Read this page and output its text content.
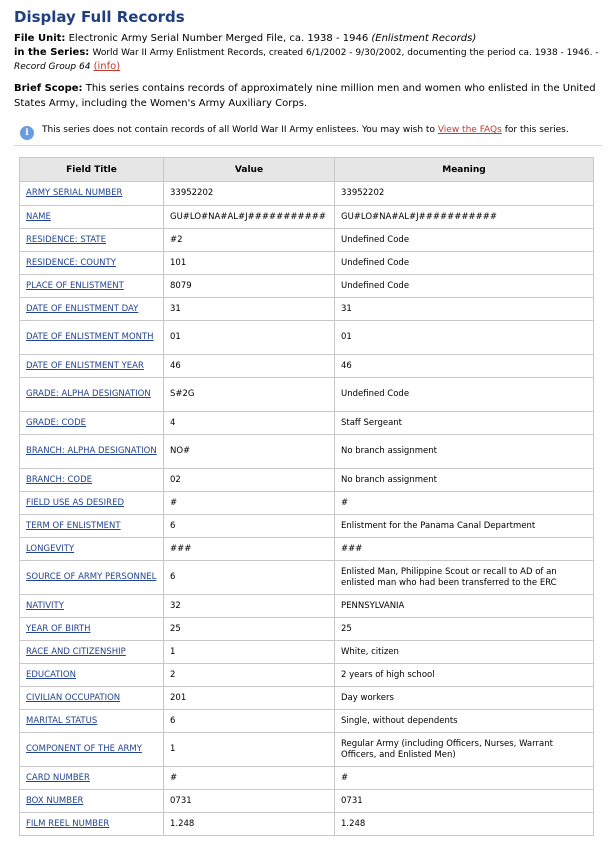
Display Full Records
File Unit: Electronic Army Serial Number Merged File, ca. 1938 - 1946 (Enlistment Records)
in the Series: World War II Army Enlistment Records, created 6/1/2002 - 9/30/2002, documenting the period ca. 1938 - 1946. -
Record Group 64 (info)
Brief Scope: This series contains records of approximately nine million men and women who enlisted in the United States Army, including the Women's Army Auxiliary Corps.
i	This series does not contain records of all World War II Army enlistees. You may wish to View the FAQs for this series.
Field Title	Value	Meaning
ARMY SERIAL NUMBER	33952202	33952202
NAME	GU#LO#NA#AL#J###########	GU#LO#NA#AL#J###########
RESIDENCE: STATE	#2	Undefined Code
RESIDENCE: COUNTY	101	Undefined Code
PLACE OF ENLISTMENT	8079	Undefined Code
DATE OF ENLISTMENT DAY	31	31
DATE OF ENLISTMENT MONTH	01	01
DATE OF ENLISTMENT YEAR	46	46
GRADE: ALPHA DESIGNATION	S#2G	Undefined Code
GRADE: CODE	4	Staff Sergeant
BRANCH: ALPHA DESIGNATION	NO#	No branch assignment
BRANCH: CODE	02	No branch assignment
FIELD USE AS DESIRED	#	#
TERM OF ENLISTMENT	6	Enlistment for the Panama Canal Department
LONGEVITY	###	###
SOURCE OF ARMY PERSONNEL	6	Enlisted Man, Philippine Scout or recall to AD of an enlisted man who had been transferred to the ERC
NATIVITY	32	PENNSYLVANIA
YEAR OF BIRTH	25	25
RACE AND CITIZENSHIP	1	White, citizen
EDUCATION	2	2 years of high school
CIVILIAN OCCUPATION	201	Day workers
MARITAL STATUS	6	Single, without dependents
COMPONENT OF THE ARMY	1	Regular Army (including Officers, Nurses, Warrant Officers, and Enlisted Men)
CARD NUMBER	#	#
BOX NUMBER	0731	0731
FILM REEL NUMBER	1.248	1.248
